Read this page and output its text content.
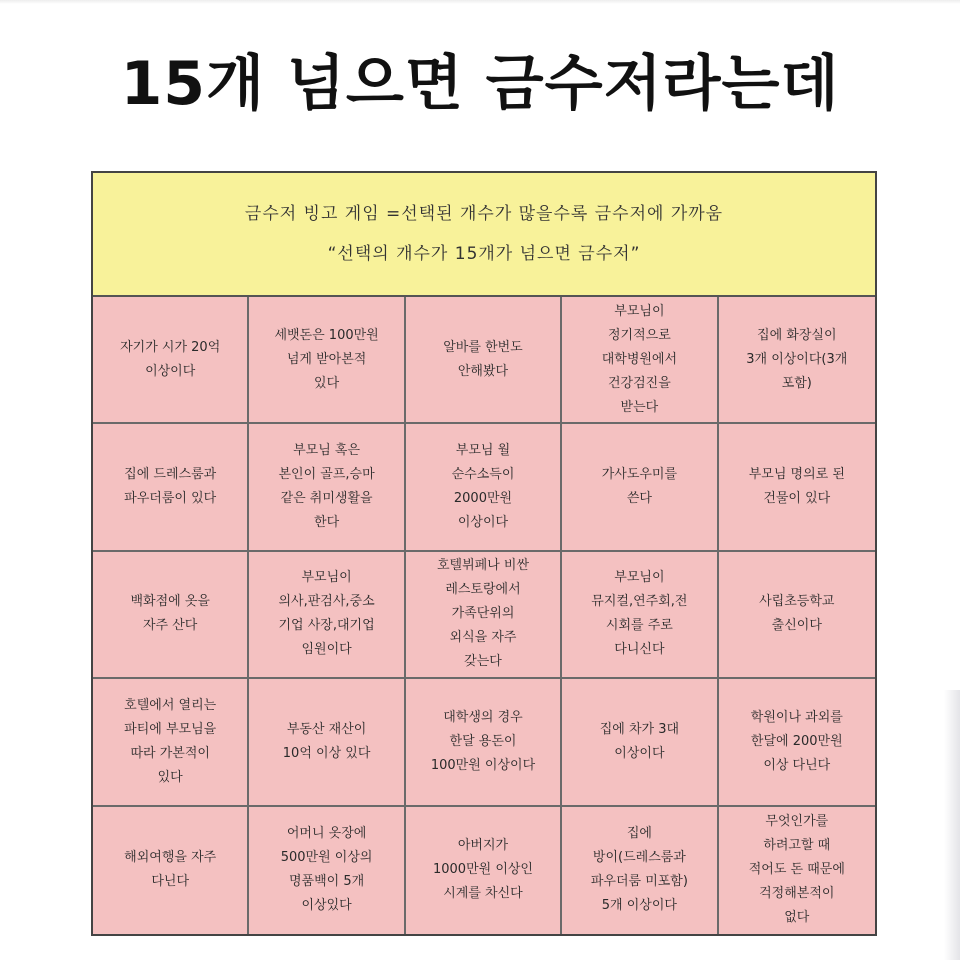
15개 넘으면 금수저라는데
금수저 빙고 게임 =선택된 개수가 많을수록 금수저에 가까움
“선택의 개수가 15개가 넘으면 금수저”
자기가 시가 20억
이상이다
세뱃돈은 100만원
넘게 받아본적
있다
알바를 한번도
안해봤다
부모님이
정기적으로
대학병원에서
건강검진을
받는다
집에 화장실이
3개 이상이다(3개
포함)
집에 드레스룸과
파우더룸이 있다
부모님 혹은
본인이 골프,승마
같은 취미생활을
한다
부모님 월
순수소득이
2000만원
이상이다
가사도우미를
쓴다
부모님 명의로 된
건물이 있다
백화점에 옷을
자주 산다
부모님이
의사,판검사,중소
기업 사장,대기업
임원이다
호텔뷔페나 비싼
레스토랑에서
가족단위의
외식을 자주
갖는다
부모님이
뮤지컬,연주회,전
시회를 주로
다니신다
사립초등학교
출신이다
호텔에서 열리는
파티에 부모님을
따라 가본적이
있다
부동산 재산이
10억 이상 있다
대학생의 경우
한달 용돈이
100만원 이상이다
집에 차가 3대
이상이다
학원이나 과외를
한달에 200만원
이상 다닌다
해외여행을 자주
다닌다
어머니 옷장에
500만원 이상의
명품백이 5개
이상있다
아버지가
1000만원 이상인
시계를 차신다
집에
방이(드레스룸과
파우더룸 미포함)
5개 이상이다
무엇인가를
하려고할 때
적어도 돈 때문에
걱정해본적이
없다
